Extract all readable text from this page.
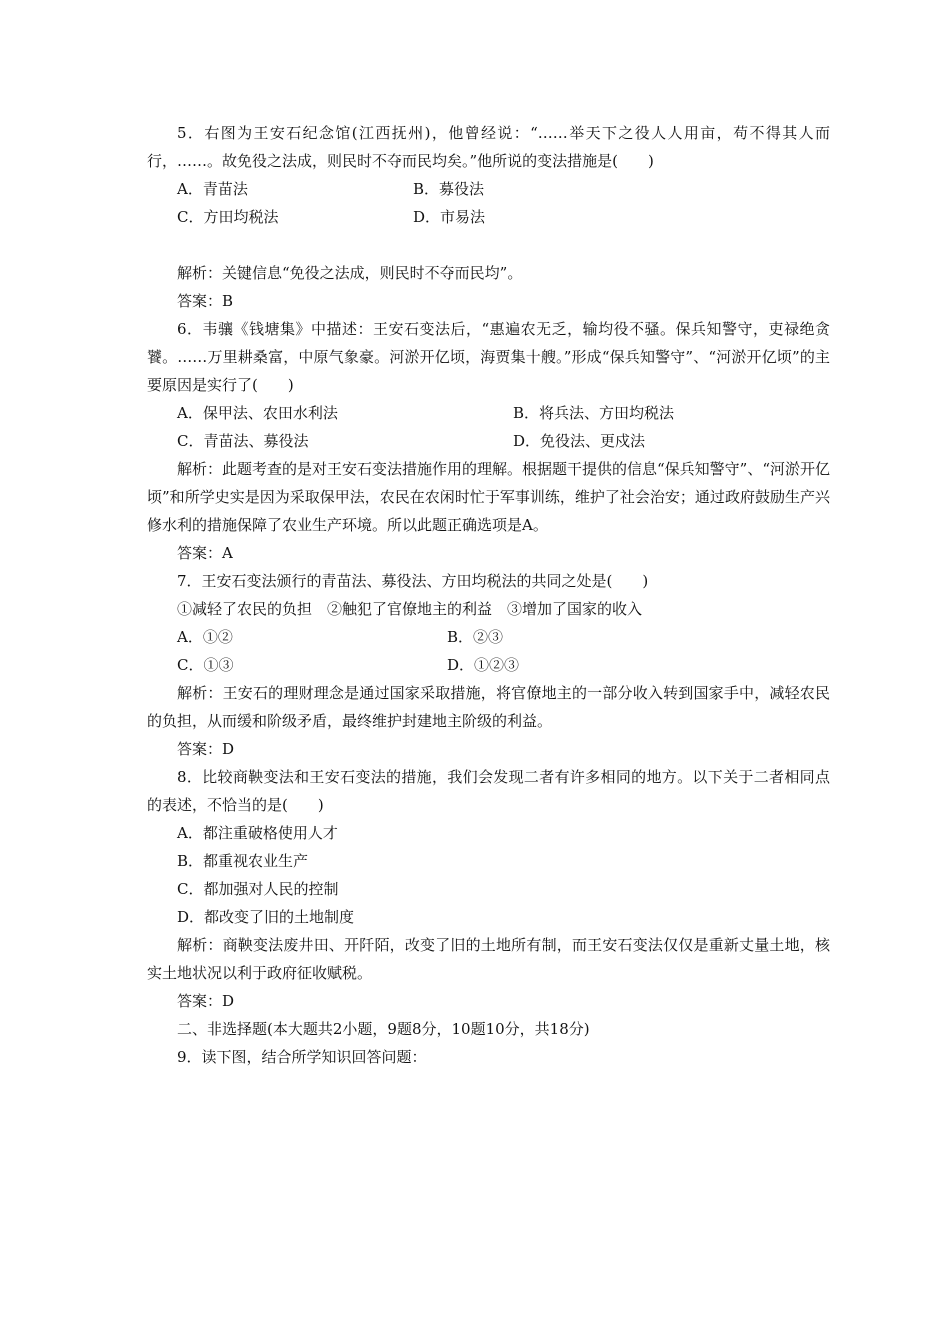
5．右图为王安石纪念馆(江西抚州)，他曾经说：“……举天下之役人人用亩，苟不得其人而行，……。故免役之法成，则民时不夺而民均矣。”他所说的变法措施是(　　)

A．青苗法	B．募役法
C．方田均税法	D．市易法

解析：关键信息“免役之法成，则民时不夺而民均”。

答案：B

6．韦骧《钱塘集》中描述：王安石变法后，“惠遍农无乏，输均役不骚。保兵知警守，吏禄绝贪饕。……万里耕桑富，中原气象豪。河淤开亿顷，海贾集十艘。”形成“保兵知警守”、“河淤开亿顷”的主要原因是实行了(　　)

A．保甲法、农田水利法	B．将兵法、方田均税法
C．青苗法、募役法	D．免役法、更戍法

解析：此题考查的是对王安石变法措施作用的理解。根据题干提供的信息“保兵知警守”、“河淤开亿顷”和所学史实是因为采取保甲法，农民在农闲时忙于军事训练，维护了社会治安；通过政府鼓励生产兴修水利的措施保障了农业生产环境。所以此题正确选项是A。

答案：A

7．王安石变法颁行的青苗法、募役法、方田均税法的共同之处是(　　)

①减轻了农民的负担　②触犯了官僚地主的利益　③增加了国家的收入

A．①②	B．②③
C．①③	D．①②③

解析：王安石的理财理念是通过国家采取措施，将官僚地主的一部分收入转到国家手中，减轻农民的负担，从而缓和阶级矛盾，最终维护封建地主阶级的利益。

答案：D

8．比较商鞅变法和王安石变法的措施，我们会发现二者有许多相同的地方。以下关于二者相同点的表述，不恰当的是(　　)

A．都注重破格使用人才
B．都重视农业生产
C．都加强对人民的控制
D．都改变了旧的土地制度

解析：商鞅变法废井田、开阡陌，改变了旧的土地所有制，而王安石变法仅仅是重新丈量土地，核实土地状况以利于政府征收赋税。

答案：D

二、非选择题(本大题共2小题，9题8分，10题10分，共18分)

9．读下图，结合所学知识回答问题：
